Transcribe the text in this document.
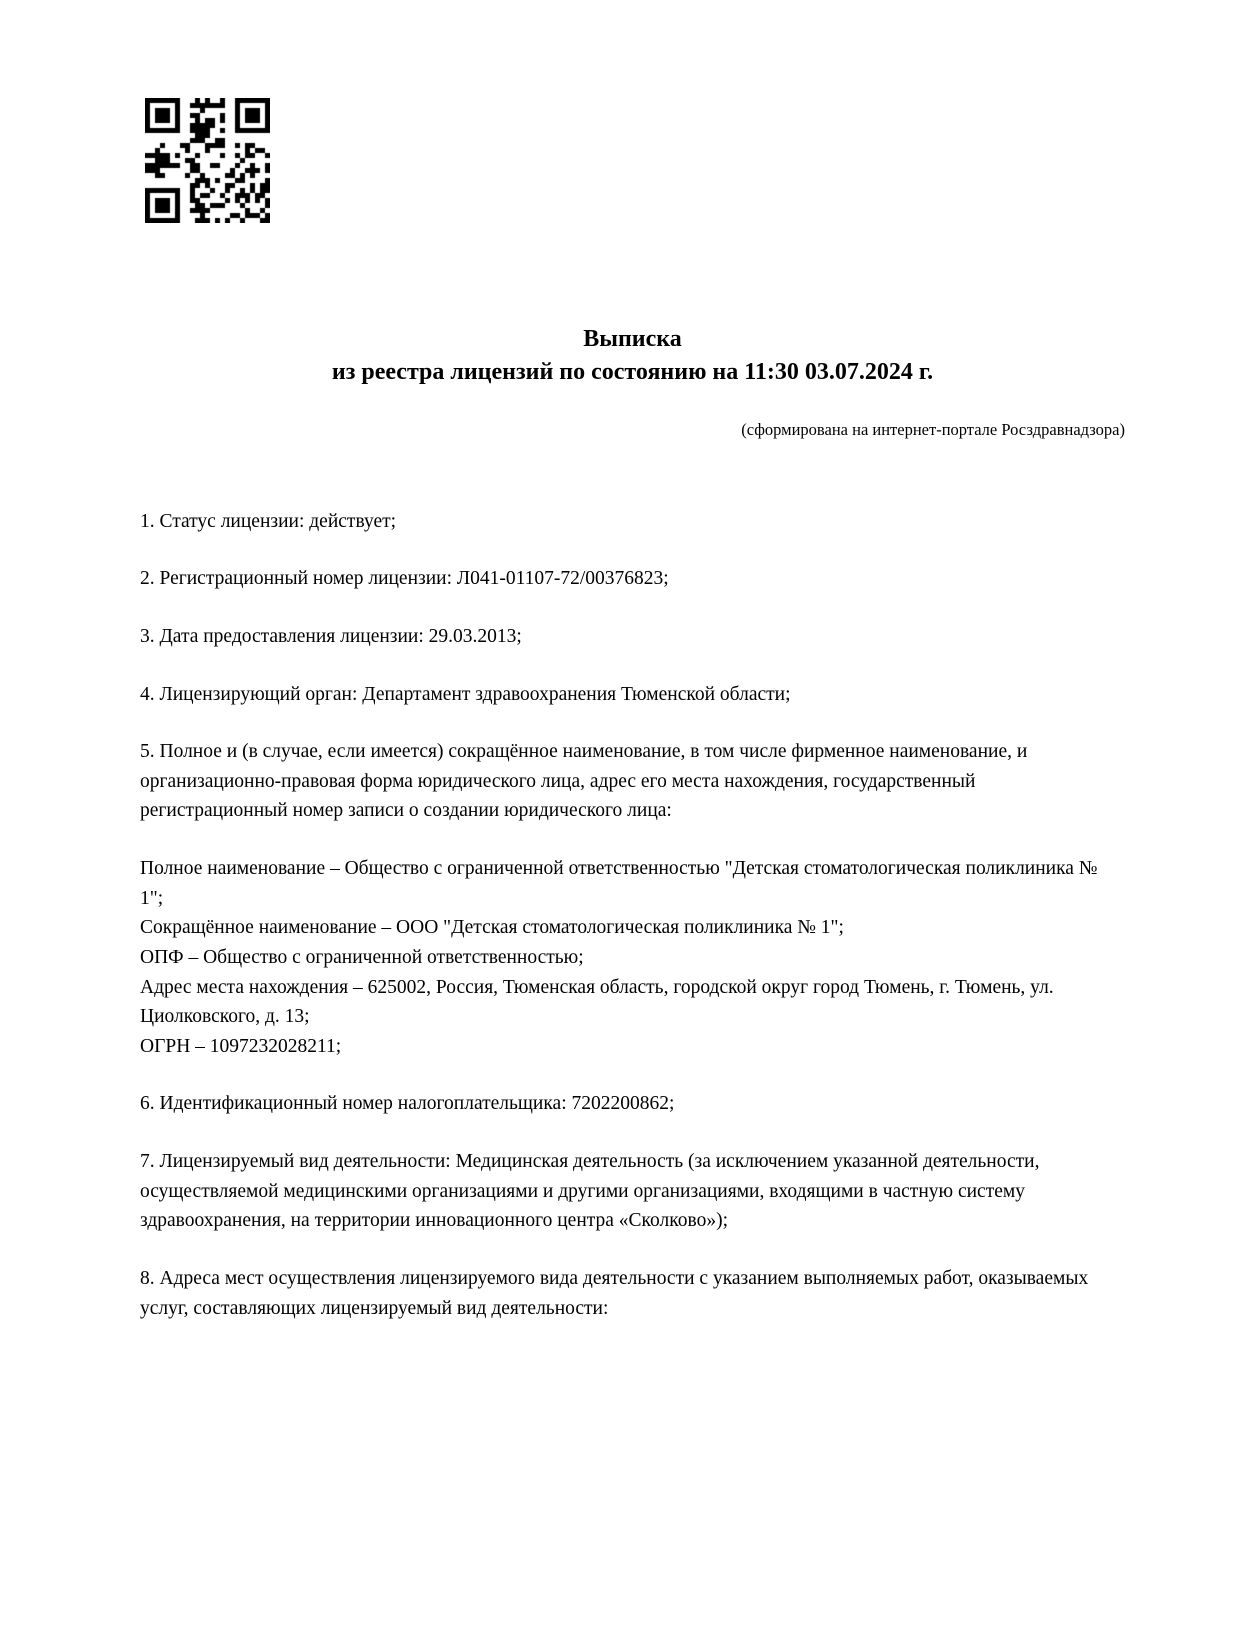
Выписка
из реестра лицензий по состоянию на 11:30 03.07.2024 г.
(сформирована на интернет-портале Росздравнадзора)

1. Статус лицензии: действует;

2. Регистрационный номер лицензии: Л041-01107-72/00376823;

3. Дата предоставления лицензии: 29.03.2013;

4. Лицензирующий орган: Департамент здравоохранения Тюменской области;

5. Полное и (в случае, если имеется) сокращённое наименование, в том числе фирменное наименование, и организационно-правовая форма юридического лица, адрес его места нахождения, государственный регистрационный номер записи о создании юридического лица:

Полное наименование – Общество с ограниченной ответственностью "Детская стоматологическая поликлиника № 1";

Сокращённое наименование – ООО "Детская стоматологическая поликлиника № 1";

ОПФ – Общество с ограниченной ответственностью;

Адрес места нахождения – 625002, Россия, Тюменская область, городской округ город Тюмень, г. Тюмень, ул. Циолковского, д. 13;

ОГРН – 1097232028211;

6. Идентификационный номер налогоплательщика: 7202200862;

7. Лицензируемый вид деятельности: Медицинская деятельность (за исключением указанной деятельности, осуществляемой медицинскими организациями и другими организациями, входящими в частную систему здравоохранения, на территории инновационного центра «Сколково»);

8. Адреса мест осуществления лицензируемого вида деятельности с указанием выполняемых работ, оказываемых услуг, составляющих лицензируемый вид деятельности:
